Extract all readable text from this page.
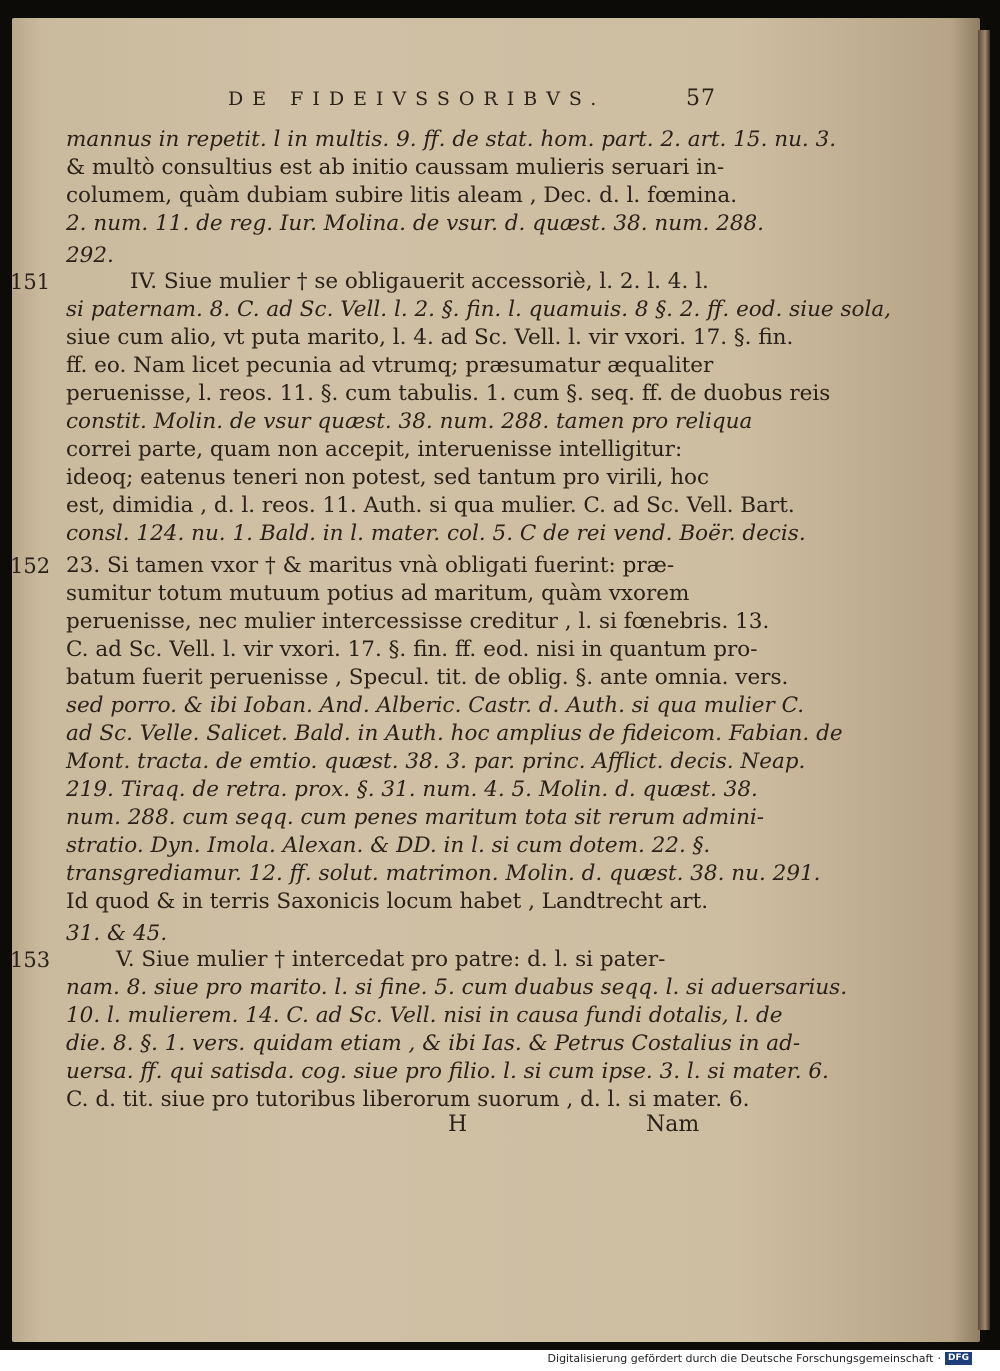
DE FIDEIVSSORIBVS.	57
151
152
153
mannus in repetit. l in multis. 9. ff. de stat. hom. part. 2. art. 15. nu. 3.
& multò consultius est ab initio caussam mulieris seruari in-
columem, quàm dubiam subire litis aleam , Dec. d. l. fœmina.
2. num. 11. de reg. Iur. Molina. de vsur. d. quæst. 38. num. 288.
292.
IV. Siue mulier † se obligauerit accessoriè, l. 2. l. 4. l.
si paternam. 8. C. ad Sc. Vell. l. 2. §. fin. l. quamuis. 8 §. 2. ff. eod. siue sola,
siue cum alio, vt puta marito, l. 4. ad Sc. Vell. l. vir vxori. 17. §. fin.
ff. eo. Nam licet pecunia ad vtrumq; præsumatur æqualiter
peruenisse, l. reos. 11. §. cum tabulis. 1. cum §. seq. ff. de duobus reis
constit. Molin. de vsur quæst. 38. num. 288. tamen pro reliqua
correi parte, quam non accepit, interuenisse intelligitur:
ideoq; eatenus teneri non potest, sed tantum pro virili, hoc
est, dimidia , d. l. reos. 11. Auth. si qua mulier. C. ad Sc. Vell. Bart.
consl. 124. nu. 1. Bald. in l. mater. col. 5. C de rei vend. Boër. decis.
23. Si tamen vxor † & maritus vnà obligati fuerint: præ-
sumitur totum mutuum potius ad maritum, quàm vxorem
peruenisse, nec mulier intercessisse creditur , l. si fœnebris. 13.
C. ad Sc. Vell. l. vir vxori. 17. §. fin. ff. eod. nisi in quantum pro-
batum fuerit peruenisse , Specul. tit. de oblig. §. ante omnia. vers.
sed porro. & ibi Ioban. And. Alberic. Castr. d. Auth. si qua mulier C.
ad Sc. Velle. Salicet. Bald. in Auth. hoc amplius de fideicom. Fabian. de
Mont. tracta. de emtio. quæst. 38. 3. par. princ. Afflict. decis. Neap.
219. Tiraq. de retra. prox. §. 31. num. 4. 5. Molin. d. quæst. 38.
num. 288. cum seqq. cum penes maritum tota sit rerum admini-
stratio. Dyn. Imola. Alexan. & DD. in l. si cum dotem. 22. §.
transgrediamur. 12. ff. solut. matrimon. Molin. d. quæst. 38. nu. 291.
Id quod & in terris Saxonicis locum habet , Landtrecht art.
31. & 45.
V. Siue mulier † intercedat pro patre: d. l. si pater-
nam. 8. siue pro marito. l. si fine. 5. cum duabus seqq. l. si aduersarius.
10. l. mulierem. 14. C. ad Sc. Vell. nisi in causa fundi dotalis, l. de
die. 8. §. 1. vers. quidam etiam , & ibi Ias. & Petrus Costalius in ad-
uersa. ff. qui satisda. cog. siue pro filio. l. si cum ipse. 3. l. si mater. 6.
C. d. tit. siue pro tutoribus liberorum suorum , d. l. si mater. 6.
H	Nam
Digitalisierung gefördert durch die Deutsche Forschungsgemeinschaft · DFG
